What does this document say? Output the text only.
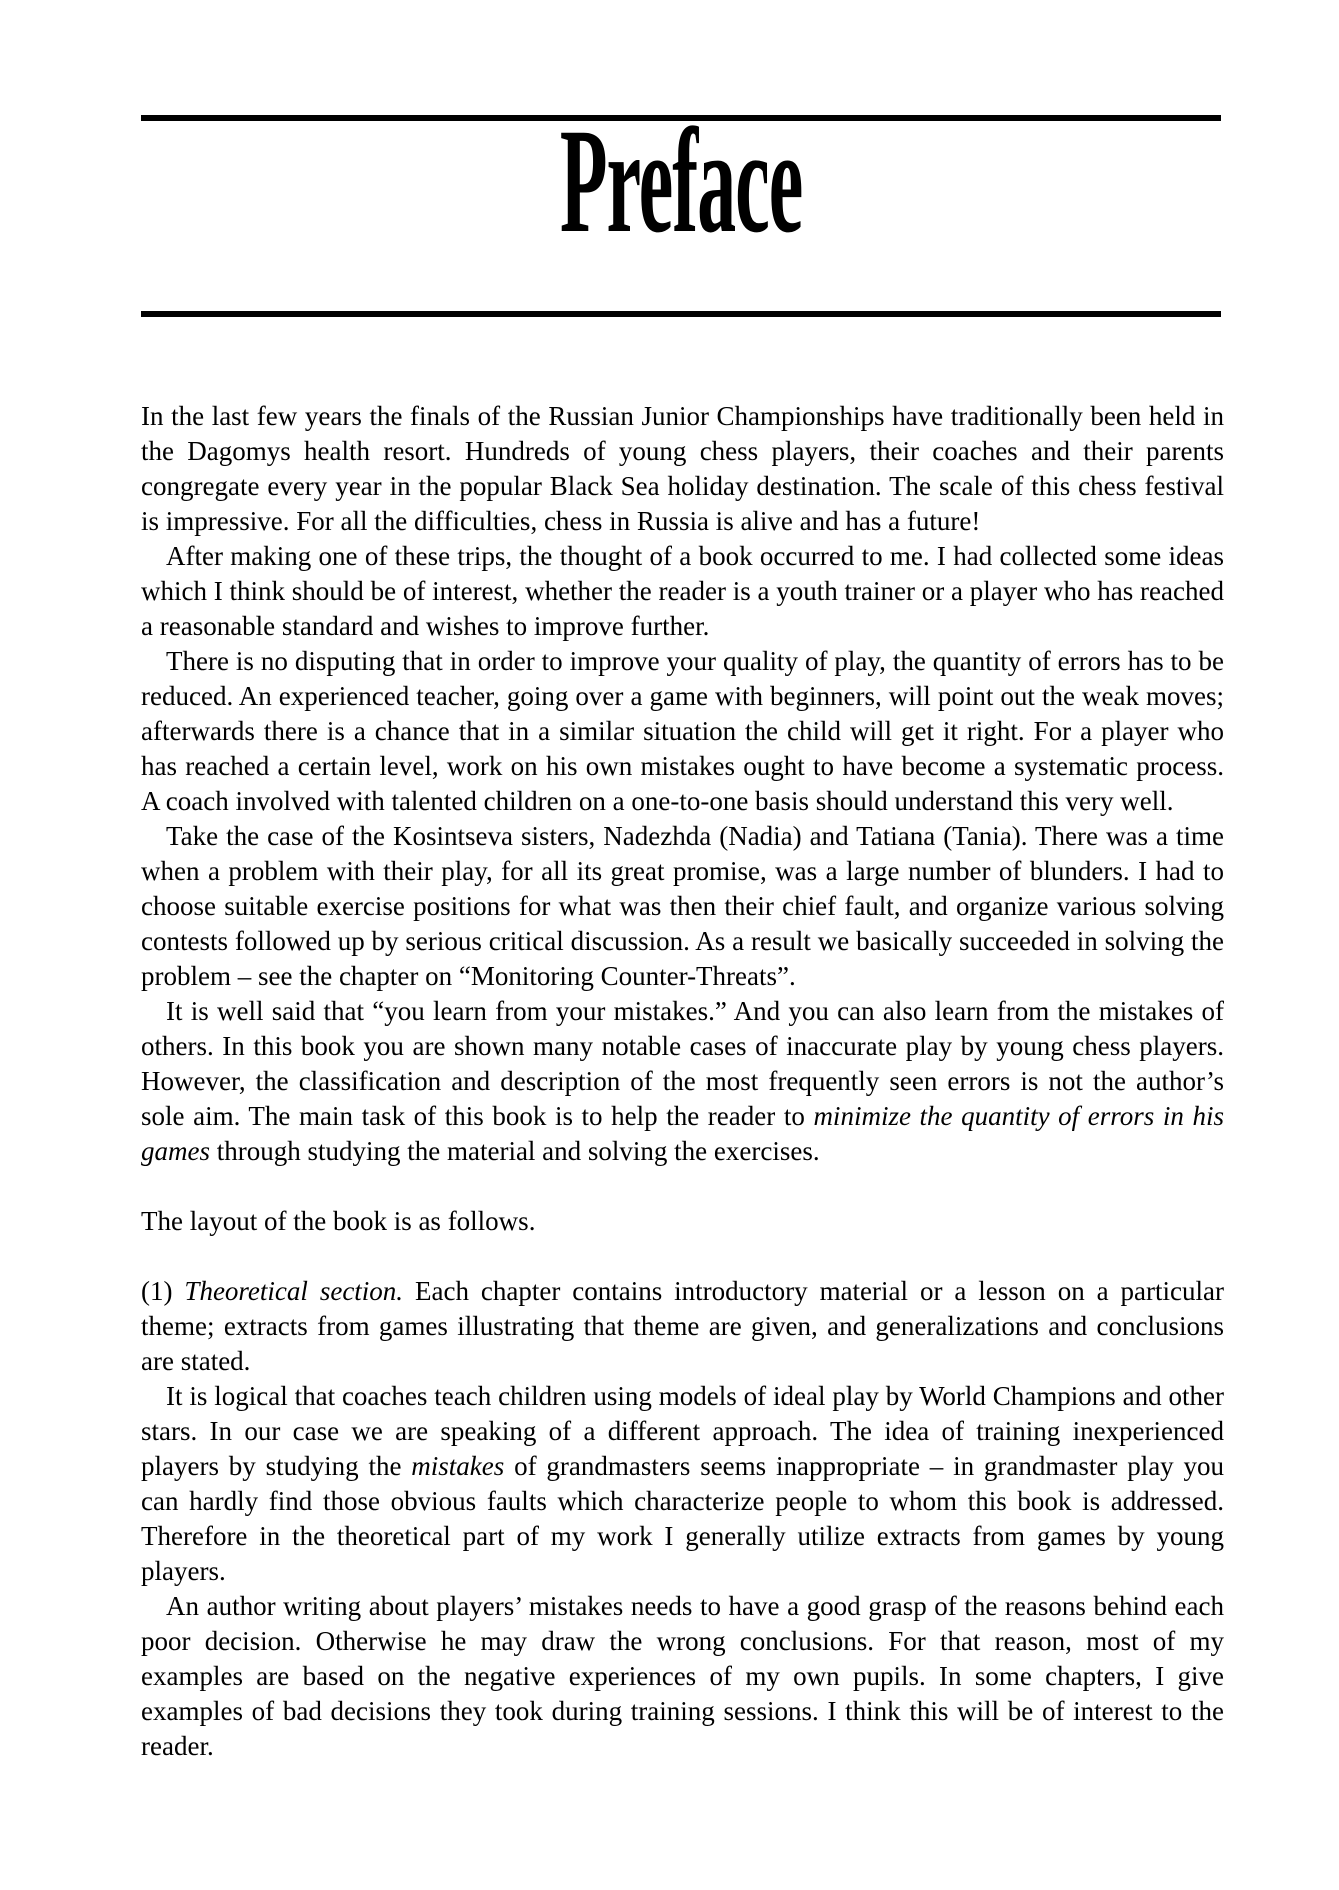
Preface

In the last few years the finals of the Russian Junior Championships have traditionally been held in the Dagomys health resort. Hundreds of young chess players, their coaches and their parents congregate every year in the popular Black Sea holiday destination. The scale of this chess festival is impressive. For all the difficulties, chess in Russia is alive and has a future!

After making one of these trips, the thought of a book occurred to me. I had collected some ideas which I think should be of interest, whether the reader is a youth trainer or a player who has reached a reasonable standard and wishes to improve further.

There is no disputing that in order to improve your quality of play, the quantity of errors has to be reduced. An experienced teacher, going over a game with beginners, will point out the weak moves; afterwards there is a chance that in a similar situation the child will get it right. For a player who has reached a certain level, work on his own mistakes ought to have become a systematic process. A coach involved with talented children on a one-to-one basis should understand this very well.

Take the case of the Kosintseva sisters, Nadezhda (Nadia) and Tatiana (Tania). There was a time when a problem with their play, for all its great promise, was a large number of blunders. I had to choose suitable exercise positions for what was then their chief fault, and organize various solving contests followed up by serious critical discussion. As a result we basically succeeded in solving the problem – see the chapter on “Monitoring Counter-Threats”.

It is well said that “you learn from your mistakes.” And you can also learn from the mistakes of others. In this book you are shown many notable cases of inaccurate play by young chess players. However, the classification and description of the most frequently seen errors is not the author’s sole aim. The main task of this book is to help the reader to minimize the quantity of errors in his games through studying the material and solving the exercises.

The layout of the book is as follows.

(1) Theoretical section. Each chapter contains introductory material or a lesson on a particular theme; extracts from games illustrating that theme are given, and generalizations and conclusions are stated.

It is logical that coaches teach children using models of ideal play by World Champions and other stars. In our case we are speaking of a different approach. The idea of training inexperienced players by studying the mistakes of grandmasters seems inappropriate – in grandmaster play you can hardly find those obvious faults which characterize people to whom this book is addressed. Therefore in the theoretical part of my work I generally utilize extracts from games by young players.

An author writing about players’ mistakes needs to have a good grasp of the reasons behind each poor decision. Otherwise he may draw the wrong conclusions. For that reason, most of my examples are based on the negative experiences of my own pupils. In some chapters, I give examples of bad decisions they took during training sessions. I think this will be of interest to the reader.
